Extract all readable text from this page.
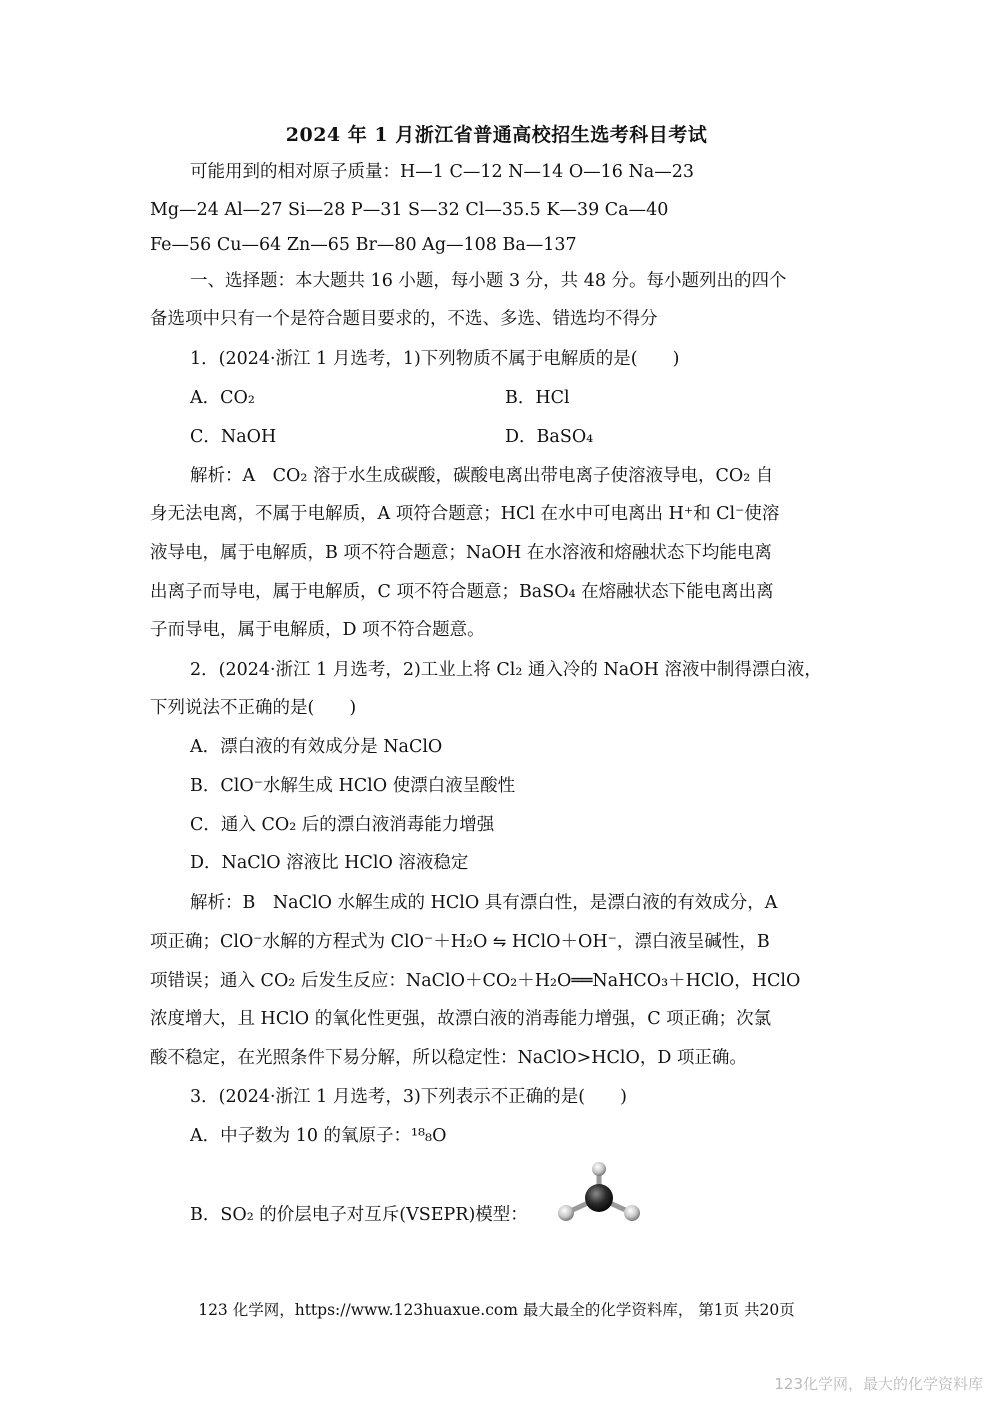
2024 年 1 月浙江省普通高校招生选考科目考试
可能用到的相对原子质量：H—1 C—12 N—14 O—16 Na—23
Mg—24 Al—27 Si—28 P—31 S—32 Cl—35.5 K—39 Ca—40
Fe—56 Cu—64 Zn—65 Br—80 Ag—108 Ba—137
一、选择题：本大题共 16 小题，每小题 3 分，共 48 分。每小题列出的四个
备选项中只有一个是符合题目要求的，不选、多选、错选均不得分
1．(2024·浙江 1 月选考，1)下列物质不属于电解质的是(　　)
A．CO₂	B．HCl
C．NaOH	D．BaSO₄
解析：A　CO₂ 溶于水生成碳酸，碳酸电离出带电离子使溶液导电，CO₂ 自
身无法电离，不属于电解质，A 项符合题意；HCl 在水中可电离出 H⁺和 Cl⁻使溶
液导电，属于电解质，B 项不符合题意；NaOH 在水溶液和熔融状态下均能电离
出离子而导电，属于电解质，C 项不符合题意；BaSO₄ 在熔融状态下能电离出离
子而导电，属于电解质，D 项不符合题意。
2．(2024·浙江 1 月选考，2)工业上将 Cl₂ 通入冷的 NaOH 溶液中制得漂白液，
下列说法不正确的是(　　)
A．漂白液的有效成分是 NaClO
B．ClO⁻水解生成 HClO 使漂白液呈酸性
C．通入 CO₂ 后的漂白液消毒能力增强
D．NaClO 溶液比 HClO 溶液稳定
解析：B　NaClO 水解生成的 HClO 具有漂白性，是漂白液的有效成分，A
项正确；ClO⁻水解的方程式为 ClO⁻＋H₂O ⇋ HClO＋OH⁻，漂白液呈碱性，B
项错误；通入 CO₂ 后发生反应：NaClO＋CO₂＋H₂O══NaHCO₃＋HClO，HClO
浓度增大，且 HClO 的氧化性更强，故漂白液的消毒能力增强，C 项正确；次氯
酸不稳定，在光照条件下易分解，所以稳定性：NaClO>HClO，D 项正确。
3．(2024·浙江 1 月选考，3)下列表示不正确的是(　　)
A．中子数为 10 的氧原子：¹⁸₈O
B．SO₂ 的价层电子对互斥(VSEPR)模型：
123 化学网，https://www.123huaxue.com 最大最全的化学资料库， 第1页 共20页
123化学网，最大的化学资料库
